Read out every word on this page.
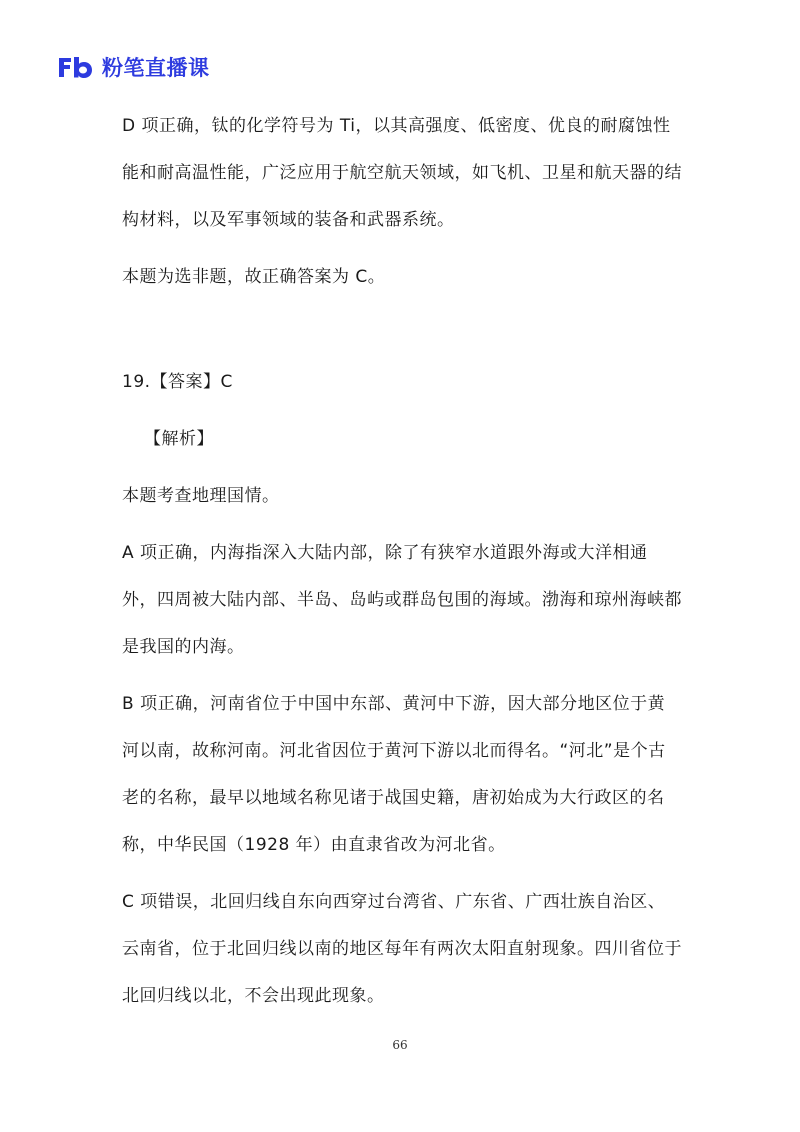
粉笔直播课

D 项正确，钛的化学符号为 Ti，以其高强度、低密度、优良的耐腐蚀性能和耐高温性能，广泛应用于航空航天领域，如飞机、卫星和航天器的结构材料，以及军事领域的装备和武器系统。

本题为选非题，故正确答案为 C。

19.【答案】C

【解析】

本题考查地理国情。

A 项正确，内海指深入大陆内部，除了有狭窄水道跟外海或大洋相通外，四周被大陆内部、半岛、岛屿或群岛包围的海域。渤海和琼州海峡都是我国的内海。

B 项正确，河南省位于中国中东部、黄河中下游，因大部分地区位于黄河以南，故称河南。河北省因位于黄河下游以北而得名。“河北”是个古老的名称，最早以地域名称见诸于战国史籍，唐初始成为大行政区的名称，中华民国（1928 年）由直隶省改为河北省。

C 项错误，北回归线自东向西穿过台湾省、广东省、广西壮族自治区、云南省，位于北回归线以南的地区每年有两次太阳直射现象。四川省位于北回归线以北，不会出现此现象。

66
